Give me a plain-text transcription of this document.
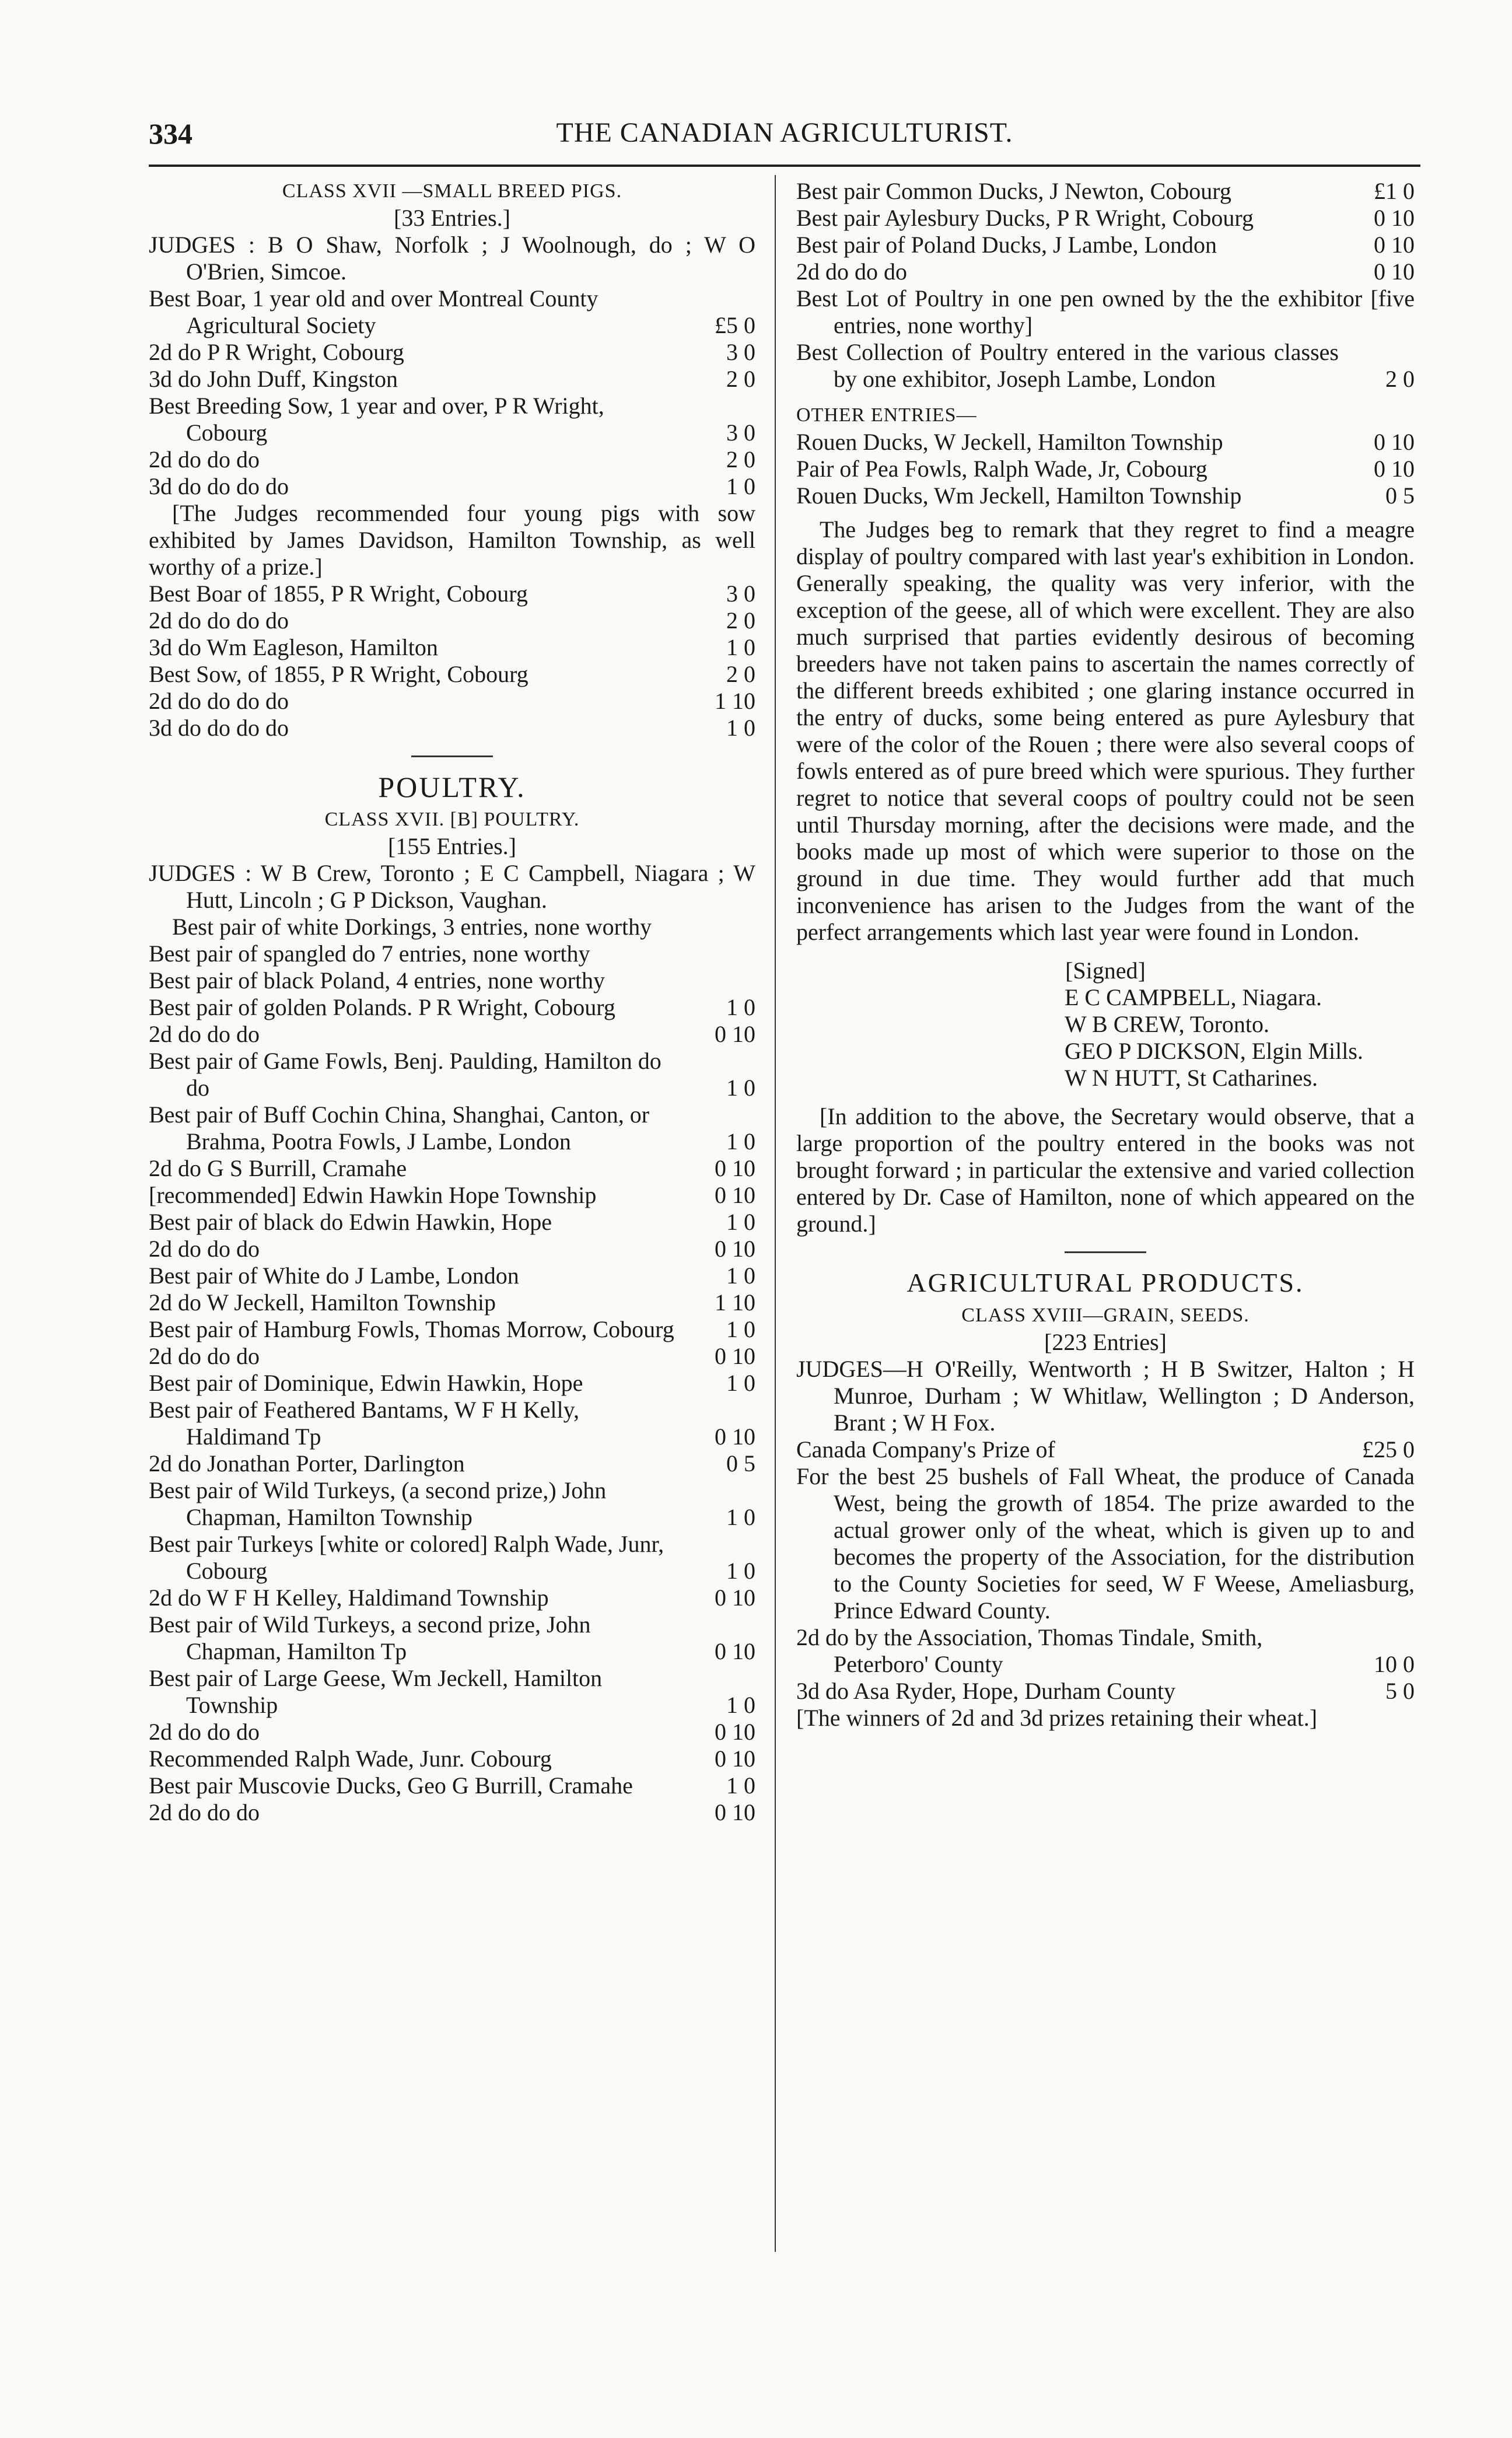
334	THE CANADIAN AGRICULTURIST.
CLASS XVII —SMALL BREED PIGS.
[33 Entries.]
JUDGES : B O Shaw, Norfolk ; J Woolnough, do ; W O O'Brien, Simcoe.
Best Boar, 1 year old and over Montreal County Agricultural Society	£5 0
2d do P R Wright, Cobourg	3 0
3d do John Duff, Kingston	2 0
Best Breeding Sow, 1 year and over, P R Wright, Cobourg	3 0
2d do do do	2 0
3d do do do do	1 0
[The Judges recommended four young pigs with sow exhibited by James Davidson, Hamilton Township, as well worthy of a prize.]
Best Boar of 1855, P R Wright, Cobourg	3 0
2d do do do do	2 0
3d do Wm Eagleson, Hamilton	1 0
Best Sow, of 1855, P R Wright, Cobourg	2 0
2d do do do do	1 10
3d do do do do	1 0
POULTRY.
CLASS XVII. [B] POULTRY.
[155 Entries.]
JUDGES : W B Crew, Toronto ; E C Campbell, Niagara ; W Hutt, Lincoln ; G P Dickson, Vaughan.
Best pair of white Dorkings, 3 entries, none worthy
Best pair of spangled do 7 entries, none worthy
Best pair of black Poland, 4 entries, none worthy
Best pair of golden Polands. P R Wright, Cobourg	1 0
2d do do do	0 10
Best pair of Game Fowls, Benj. Paulding, Hamilton do do	1 0
Best pair of Buff Cochin China, Shanghai, Canton, or Brahma, Pootra Fowls, J Lambe, London	1 0
2d do G S Burrill, Cramahe	0 10
[recommended] Edwin Hawkin Hope Township	0 10
Best pair of black do Edwin Hawkin, Hope	1 0
2d do do do	0 10
Best pair of White do J Lambe, London	1 0
2d do W Jeckell, Hamilton Township	1 10
Best pair of Hamburg Fowls, Thomas Morrow, Cobourg	1 0
2d do do do	0 10
Best pair of Dominique, Edwin Hawkin, Hope	1 0
Best pair of Feathered Bantams, W F H Kelly, Haldimand Tp	0 10
2d do Jonathan Porter, Darlington	0 5
Best pair of Wild Turkeys, (a second prize,) John Chapman, Hamilton Township	1 0
Best pair Turkeys [white or colored] Ralph Wade, Junr, Cobourg	1 0
2d do W F H Kelley, Haldimand Township	0 10
Best pair of Wild Turkeys, a second prize, John Chapman, Hamilton Tp	0 10
Best pair of Large Geese, Wm Jeckell, Hamilton Township	1 0
2d do do do	0 10
Recommended Ralph Wade, Junr. Cobourg	0 10
Best pair Muscovie Ducks, Geo G Burrill, Cramahe	1 0
2d do do do	0 10
Best pair Common Ducks, J Newton, Cobourg	£1 0
Best pair Aylesbury Ducks, P R Wright, Cobourg	0 10
Best pair of Poland Ducks, J Lambe, London	0 10
2d do do do	0 10
Best Lot of Poultry in one pen owned by the the exhibitor [five entries, none worthy]
Best Collection of Poultry entered in the various classes by one exhibitor, Joseph Lambe, London	2 0
OTHER ENTRIES—
Rouen Ducks, W Jeckell, Hamilton Township	0 10
Pair of Pea Fowls, Ralph Wade, Jr, Cobourg	0 10
Rouen Ducks, Wm Jeckell, Hamilton Township	0 5
The Judges beg to remark that they regret to find a meagre display of poultry compared with last year's exhibition in London. Generally speaking, the quality was very inferior, with the exception of the geese, all of which were excellent. They are also much surprised that parties evidently desirous of becoming breeders have not taken pains to ascertain the names correctly of the different breeds exhibited ; one glaring instance occurred in the entry of ducks, some being entered as pure Aylesbury that were of the color of the Rouen ; there were also several coops of fowls entered as of pure breed which were spurious. They further regret to notice that several coops of poultry could not be seen until Thursday morning, after the decisions were made, and the books made up most of which were superior to those on the ground in due time. They would further add that much inconvenience has arisen to the Judges from the want of the perfect arrangements which last year were found in London.
[Signed]
E C CAMPBELL, Niagara.
W B CREW, Toronto.
GEO P DICKSON, Elgin Mills.
W N HUTT, St Catharines.
[In addition to the above, the Secretary would observe, that a large proportion of the poultry entered in the books was not brought forward ; in particular the extensive and varied collection entered by Dr. Case of Hamilton, none of which appeared on the ground.]
AGRICULTURAL PRODUCTS.
CLASS XVIII—GRAIN, SEEDS.
[223 Entries]
JUDGES—H O'Reilly, Wentworth ; H B Switzer, Halton ; H Munroe, Durham ; W Whitlaw, Wellington ; D Anderson, Brant ; W H Fox.
Canada Company's Prize of	£25 0
For the best 25 bushels of Fall Wheat, the produce of Canada West, being the growth of 1854. The prize awarded to the actual grower only of the wheat, which is given up to and becomes the property of the Association, for the distribution to the County Societies for seed, W F Weese, Ameliasburg, Prince Edward County.
2d do by the Association, Thomas Tindale, Smith, Peterboro' County	10 0
3d do Asa Ryder, Hope, Durham County	5 0
[The winners of 2d and 3d prizes retaining their wheat.]
